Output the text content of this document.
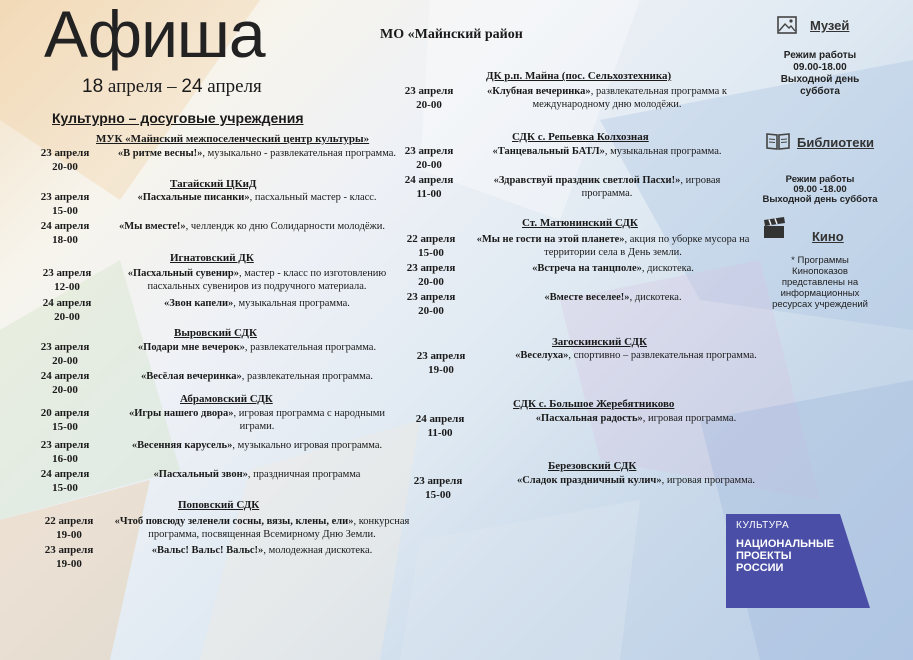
Афиша
18 апреля – 24 апреля
Культурно – досуговые учреждения
МО «Майнский район
МУК «Майнский межпоселенческий центр культуры»
23 апреля
20-00
«В ритме весны!», музыкально - развлекательная программа.
Тагайский ЦКиД
23 апреля
15-00
«Пасхальные писанки», пасхальный мастер - класс.
24 апреля
18-00
«Мы вместе!», челлендж ко дню Солидарности молодёжи.
Игнатовский ДК
23 апреля
12-00
«Пасхальный сувенир», мастер - класс по изготовлению пасхальных сувениров из подручного материала.
24 апреля
20-00
«Звон капели», музыкальная программа.
Выровский СДК
23 апреля
20-00
«Подари мне вечерок», развлекательная программа.
24 апреля
20-00
«Весёлая вечеринка», развлекательная программа.
Абрамовский СДК
20 апреля
15-00
«Игры нашего двора», игровая программа с народными играми.
23 апреля
16-00
«Весенняя карусель», музыкально игровая программа.
24 апреля
15-00
«Пасхальный звон», праздничная программа
Поповский СДК
22 апреля
19-00
«Чтоб повсюду зеленели сосны, вязы, клены, ели», конкурсная программа, посвященная Всемирному Дню Земли.
23 апреля
19-00
«Вальс! Вальс! Вальс!», молодежная дискотека.
ДК р.п. Майна (пос. Сельхозтехника)
23 апреля
20-00
«Клубная вечеринка», развлекательная программа к международному дню молодёжи.
СДК с. Репьевка Колхозная
23 апреля
20-00
«Танцевальный БАТЛ», музыкальная программа.
24 апреля
11-00
«Здравствуй праздник светлой Пасхи!», игровая программа.
Ст. Матюнинский СДК
22 апреля
15-00
«Мы не гости на этой планете», акция по уборке мусора на территории села в День земли.
23 апреля
20-00
«Встреча на танцполе», дискотека.
23 апреля
20-00
«Вместе веселее!», дискотека.
Загоскинский СДК
23 апреля
19-00
«Веселуха», спортивно – развлекательная программа.
СДК с. Большое Жеребятниково
24 апреля
11-00
«Пасхальная радость», игровая программа.
Березовский СДК
23 апреля
15-00
«Сладок праздничный кулич», игровая программа.
Музей
Режим работы
09.00-18.00
Выходной день
суббота
Библиотеки
Режим работы
09.00 -18.00
Выходной день суббота
Кино
* Программы
Кинопоказов
представлены на
информационных
ресурсах учреждений
КУЛЬТУРА
НАЦИОНАЛЬНЫЕ
ПРОЕКТЫ
РОССИИ
